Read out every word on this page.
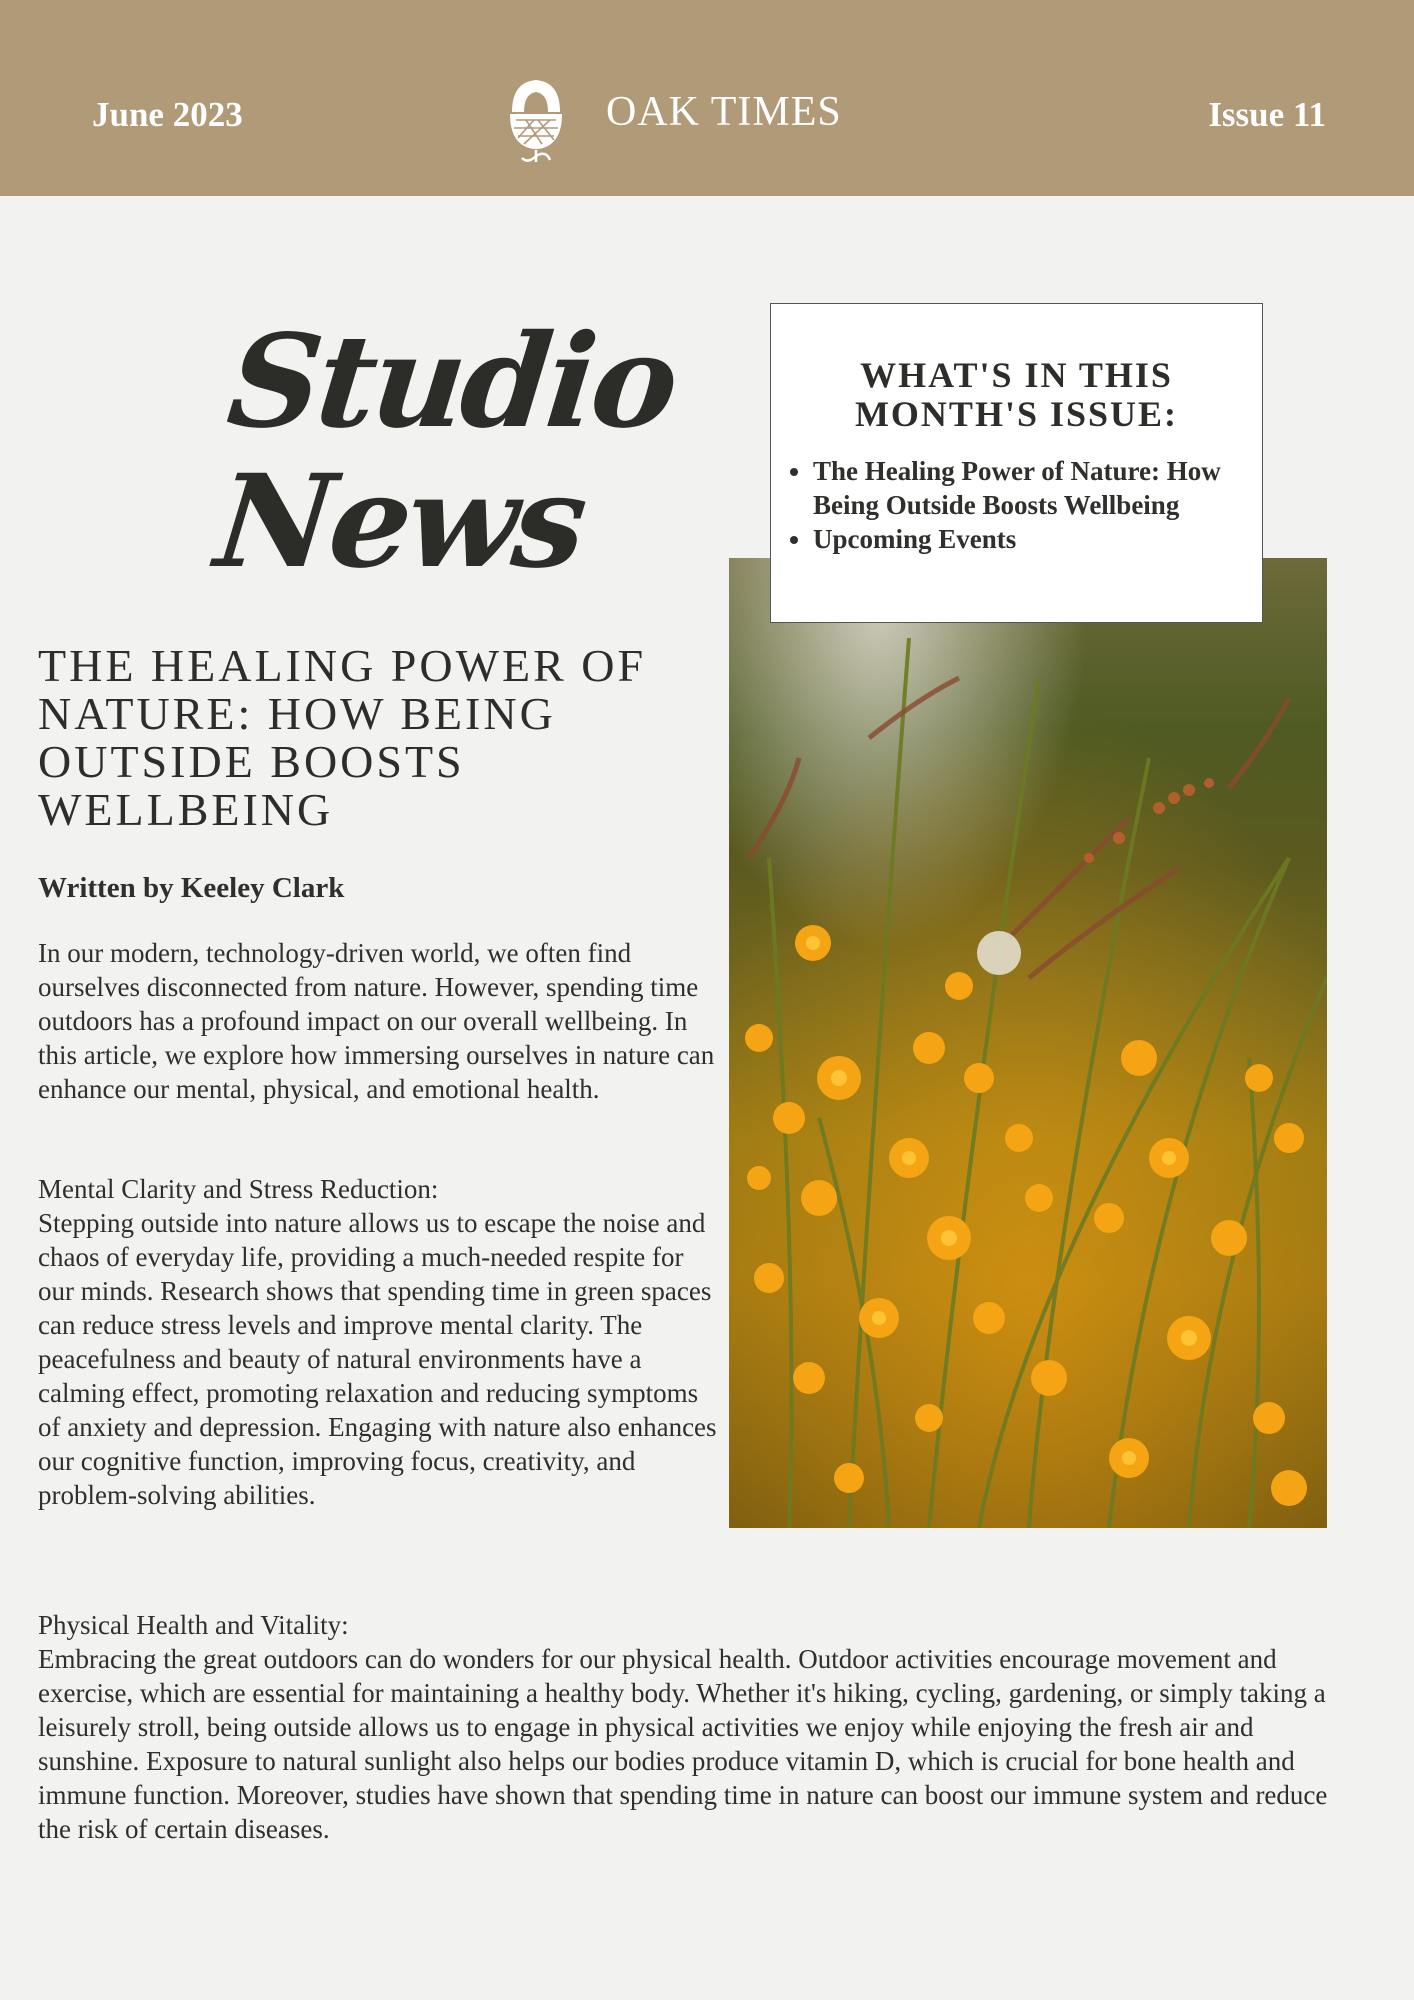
June 2023	OAK TIMES	Issue 11
Studio
News
THE HEALING POWER OF NATURE: HOW BEING OUTSIDE BOOSTS WELLBEING
Written by Keeley Clark

In our modern, technology-driven world, we often find ourselves disconnected from nature. However, spending time outdoors has a profound impact on our overall wellbeing. In this article, we explore how immersing ourselves in nature can enhance our mental, physical, and emotional health.

Mental Clarity and Stress Reduction:
Stepping outside into nature allows us to escape the noise and chaos of everyday life, providing a much-needed respite for our minds. Research shows that spending time in green spaces can reduce stress levels and improve mental clarity. The peacefulness and beauty of natural environments have a calming effect, promoting relaxation and reducing symptoms of anxiety and depression. Engaging with nature also enhances our cognitive function, improving focus, creativity, and problem-solving abilities.

WHAT'S IN THIS
MONTH'S ISSUE:
• The Healing Power of Nature: How Being Outside Boosts Wellbeing
• Upcoming Events

Physical Health and Vitality:
Embracing the great outdoors can do wonders for our physical health. Outdoor activities encourage movement and exercise, which are essential for maintaining a healthy body. Whether it's hiking, cycling, gardening, or simply taking a leisurely stroll, being outside allows us to engage in physical activities we enjoy while enjoying the fresh air and sunshine. Exposure to natural sunlight also helps our bodies produce vitamin D, which is crucial for bone health and immune function. Moreover, studies have shown that spending time in nature can boost our immune system and reduce the risk of certain diseases.
